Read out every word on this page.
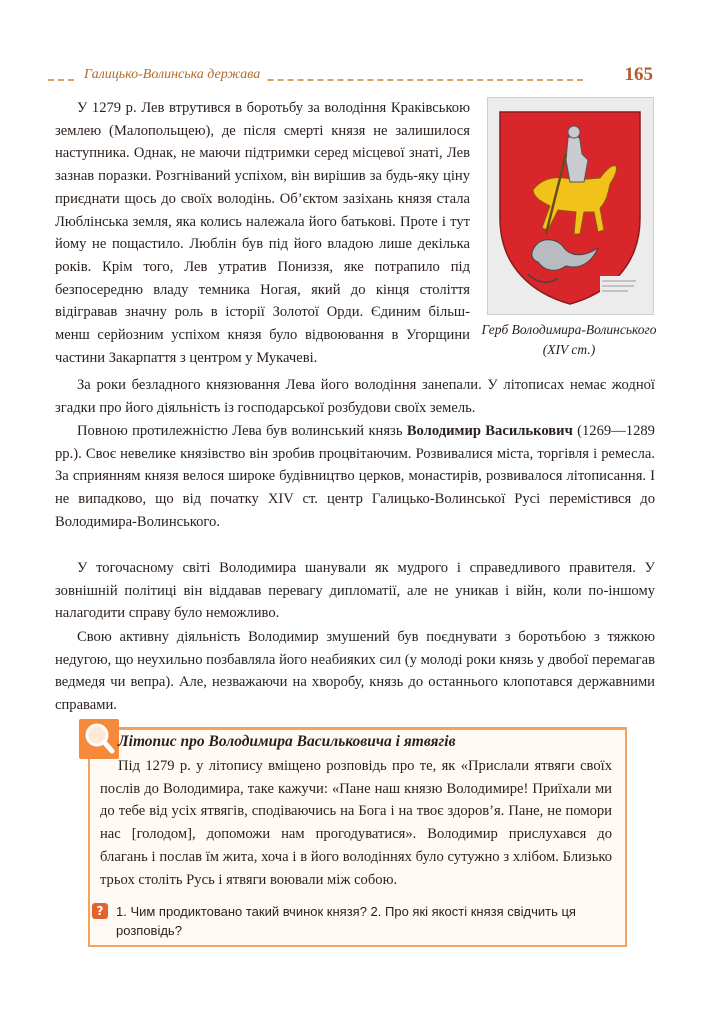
Галицько-Волинська держава	165

У 1279 р. Лев втрутився в боротьбу за володіння Краківською землею (Малопольщею), де після смерті князя не залишилося наступника. Однак, не маючи підтримки серед місцевої знаті, Лев зазнав поразки. Розгніваний успіхом, він вирішив за будь-яку ціну приєднати щось до своїх володінь. Об’єктом зазіхань князя стала Люблінська земля, яка колись належала його батькові. Проте і тут йому не пощастило. Люблін був під його владою лише декілька років. Крім того, Лев утратив Пониззя, яке потрапило під безпосередню владу темника Ногая, який до кінця століття відігравав значну роль в історії Золотої Орди. Єдиним більш-менш серйозним успіхом князя було відвоювання в Угорщини частини Закарпаття з центром у Мукачеві.

Герб Володимира-Волинського (XIV ст.)

За роки безладного князювання Лева його володіння занепали. У літописах немає жодної згадки про його діяльність із господарської розбудови своїх земель.

Повною протилежністю Лева був волинський князь Володимир Василькович (1269—1289 рр.). Своє невелике князівство він зробив процвітаючим. Розвивалися міста, торгівля і ремесла. За сприянням князя велося широке будівництво церков, монастирів, розвивалося літописання. І не випадково, що від початку XIV ст. центр Галицько-Волинської Русі перемістився до Володимира-Волинського.

У тогочасному світі Володимира шанували як мудрого і справедливого правителя. У зовнішній політиці він віддавав перевагу дипломатії, але не уникав і війн, коли по-іншому налагодити справу було неможливо.

Свою активну діяльність Володимир змушений був поєднувати з боротьбою з тяжкою недугою, що неухильно позбавляла його неабияких сил (у молоді роки князь у двобої перемагав ведмедя чи вепра). Але, незважаючи на хворобу, князь до останнього клопотався державними справами.

Літопис про Володимира Васильковича і ятвягів

Під 1279 р. у літопису вміщено розповідь про те, як «Прислали ятвяги своїх послів до Володимира, таке кажучи: «Пане наш князю Володимире! Приїхали ми до тебе від усіх ятвягів, сподіваючись на Бога і на твоє здоров’я. Пане, не помори нас [голодом], допоможи нам прогодуватися». Володимир прислухався до благань і послав їм жита, хоча і в його володіннях було сутужно з хлібом. Близько трьох століть Русь і ятвяги воювали між собою.

? 1. Чим продиктовано такий вчинок князя? 2. Про які якості князя свідчить ця розповідь?
